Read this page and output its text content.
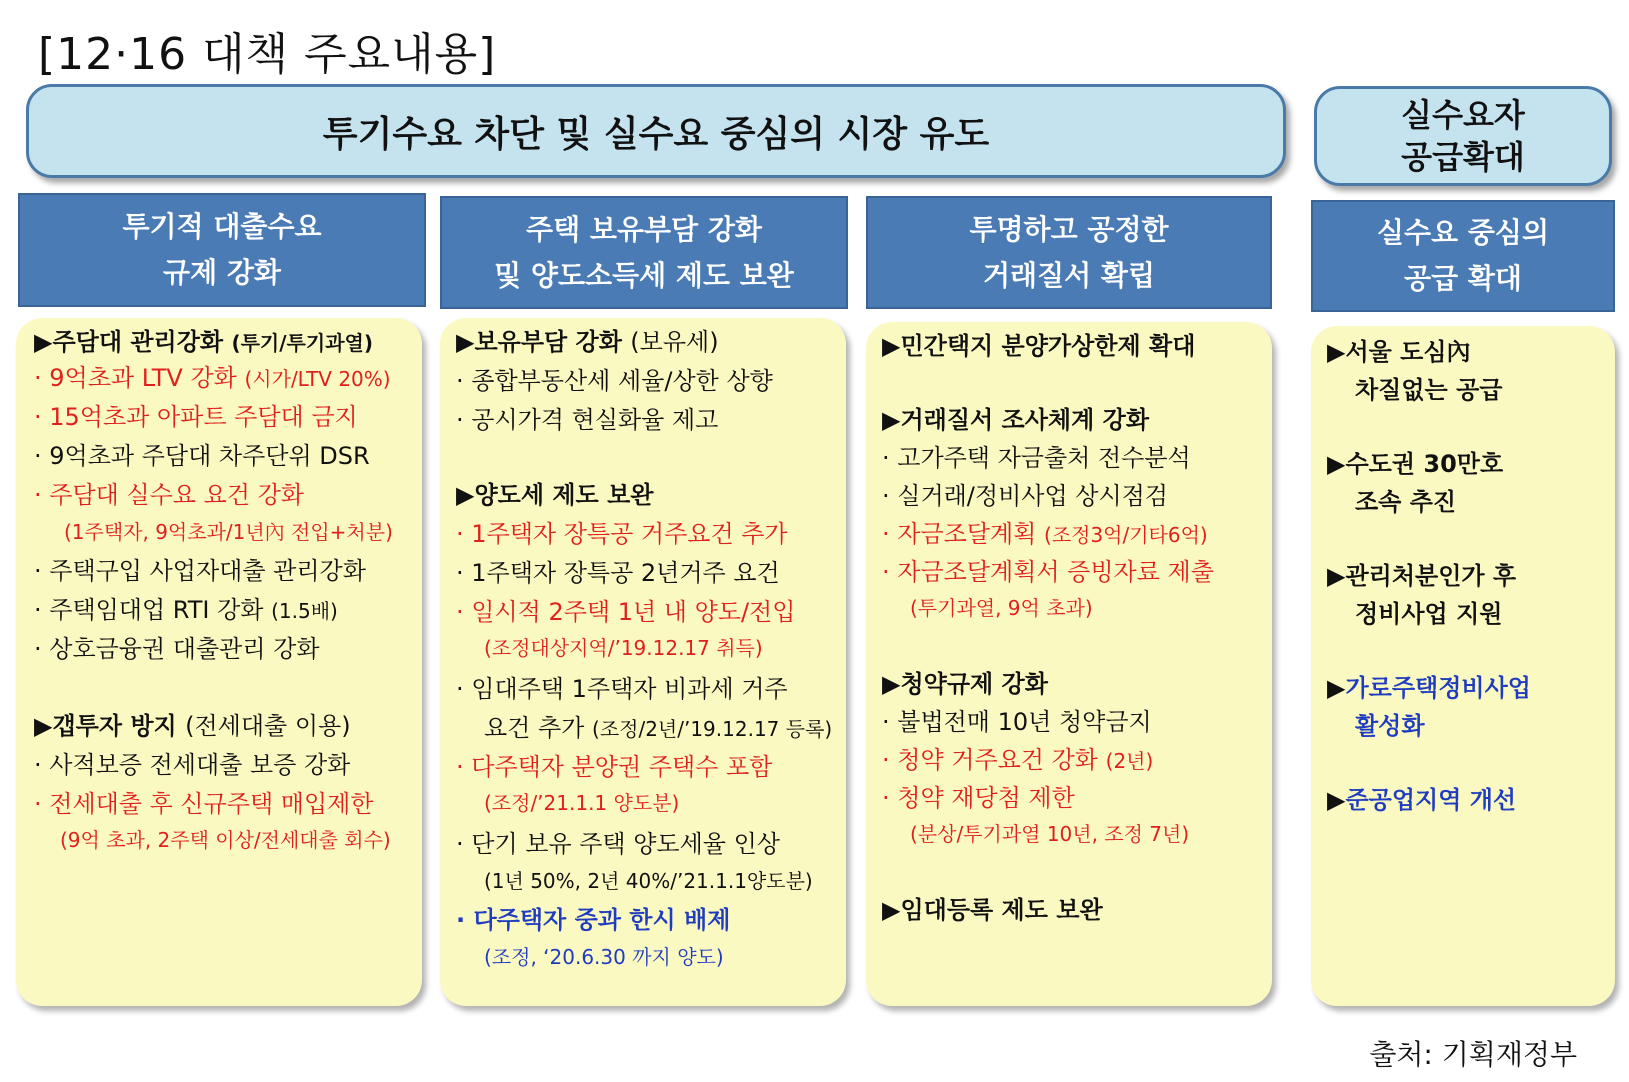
[12·16 대책 주요내용]
투기수요 차단 및 실수요 중심의 시장 유도	실수요자
공급확대
투기적 대출수요
규제 강화
주택 보유부담 강화
및 양도소득세 제도 보완
투명하고 공정한
거래질서 확립
실수요 중심의
공급 확대
▶주담대 관리강화 (투기/투기과열)
· 9억초과 LTV 강화 (시가/LTV 20%)
· 15억초과 아파트 주담대 금지
· 9억초과 주담대 차주단위 DSR
· 주담대 실수요 요건 강화
(1주택자, 9억초과/1년內 전입+처분)
· 주택구입 사업자대출 관리강화
· 주택임대업 RTI 강화 (1.5배)
· 상호금융권 대출관리 강화
▶갭투자 방지 (전세대출 이용)
· 사적보증 전세대출 보증 강화
· 전세대출 후 신규주택 매입제한
(9억 초과, 2주택 이상/전세대출 회수)
▶보유부담 강화 (보유세)
· 종합부동산세 세율/상한 상향
· 공시가격 현실화율 제고
▶양도세 제도 보완
· 1주택자 장특공 거주요건 추가
· 1주택자 장특공 2년거주 요건
· 일시적 2주택 1년 내 양도/전입
(조정대상지역/’19.12.17 취득)
· 임대주택 1주택자 비과세 거주
요건 추가 (조정/2년/’19.12.17 등록)
· 다주택자 분양권 주택수 포함
(조정/’21.1.1 양도분)
· 단기 보유 주택 양도세율 인상
(1년 50%, 2년 40%/’21.1.1양도분)
· 다주택자 중과 한시 배제
(조정, ‘20.6.30 까지 양도)
▶민간택지 분양가상한제 확대
▶거래질서 조사체계 강화
· 고가주택 자금출처 전수분석
· 실거래/정비사업 상시점검
· 자금조달계획 (조정3억/기타6억)
· 자금조달계획서 증빙자료 제출
(투기과열, 9억 초과)
▶청약규제 강화
· 불법전매 10년 청약금지
· 청약 거주요건 강화 (2년)
· 청약 재당첨 제한
(분상/투기과열 10년, 조정 7년)
▶임대등록 제도 보완
▶서울 도심內
차질없는 공급
▶수도권 30만호
조속 추진
▶관리처분인가 후
정비사업 지원
▶가로주택정비사업
활성화
▶준공업지역 개선
출처: 기획재정부
